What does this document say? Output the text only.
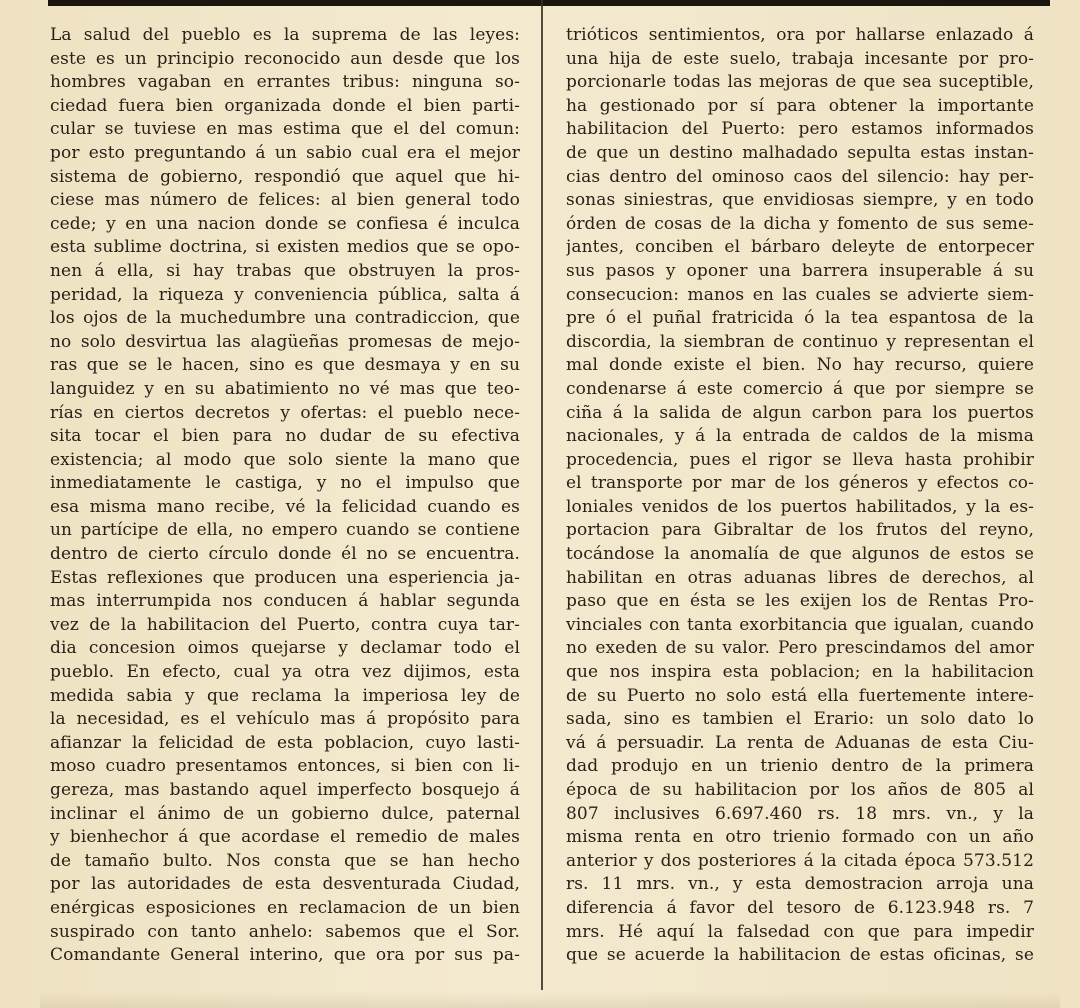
La salud del pueblo es la suprema de las leyes:
este es un principio reconocido aun desde que los
hombres vagaban en errantes tribus: ninguna so-
ciedad fuera bien organizada donde el bien parti-
cular se tuviese en mas estima que el del comun:
por esto preguntando á un sabio cual era el mejor
sistema de gobierno, respondió que aquel que hi-
ciese mas número de felices: al bien general todo
cede; y en una nacion donde se confiesa é inculca
esta sublime doctrina, si existen medios que se opo-
nen á ella, si hay trabas que obstruyen la pros-
peridad, la riqueza y conveniencia pública, salta á
los ojos de la muchedumbre una contradiccion, que
no solo desvirtua las alagüeñas promesas de mejo-
ras que se le hacen, sino es que desmaya y en su
languidez y en su abatimiento no vé mas que teo-
rías en ciertos decretos y ofertas: el pueblo nece-
sita tocar el bien para no dudar de su efectiva
existencia; al modo que solo siente la mano que
inmediatamente le castiga, y no el impulso que
esa misma mano recibe, vé la felicidad cuando es
un partícipe de ella, no empero cuando se contiene
dentro de cierto círculo donde él no se encuentra.
Estas reflexiones que producen una esperiencia ja-
mas interrumpida nos conducen á hablar segunda
vez de la habilitacion del Puerto, contra cuya tar-
dia concesion oimos quejarse y declamar todo el
pueblo. En efecto, cual ya otra vez dijimos, esta
medida sabia y que reclama la imperiosa ley de
la necesidad, es el vehículo mas á propósito para
afianzar la felicidad de esta poblacion, cuyo lasti-
moso cuadro presentamos entonces, si bien con li-
gereza, mas bastando aquel imperfecto bosquejo á
inclinar el ánimo de un gobierno dulce, paternal
y bienhechor á que acordase el remedio de males
de tamaño bulto. Nos consta que se han hecho
por las autoridades de esta desventurada Ciudad,
enérgicas esposiciones en reclamacion de un bien
suspirado con tanto anhelo: sabemos que el Sor.
Comandante General interino, que ora por sus pa-
trióticos sentimientos, ora por hallarse enlazado á
una hija de este suelo, trabaja incesante por pro-
porcionarle todas las mejoras de que sea suceptible,
ha gestionado por sí para obtener la importante
habilitacion del Puerto: pero estamos informados
de que un destino malhadado sepulta estas instan-
cias dentro del ominoso caos del silencio: hay per-
sonas siniestras, que envidiosas siempre, y en todo
órden de cosas de la dicha y fomento de sus seme-
jantes, conciben el bárbaro deleyte de entorpecer
sus pasos y oponer una barrera insuperable á su
consecucion: manos en las cuales se advierte siem-
pre ó el puñal fratricida ó la tea espantosa de la
discordia, la siembran de continuo y representan el
mal donde existe el bien. No hay recurso, quiere
condenarse á este comercio á que por siempre se
ciña á la salida de algun carbon para los puertos
nacionales, y á la entrada de caldos de la misma
procedencia, pues el rigor se lleva hasta prohibir
el transporte por mar de los géneros y efectos co-
loniales venidos de los puertos habilitados, y la es-
portacion para Gibraltar de los frutos del reyno,
tocándose la anomalía de que algunos de estos se
habilitan en otras aduanas libres de derechos, al
paso que en ésta se les exijen los de Rentas Pro-
vinciales con tanta exorbitancia que igualan, cuando
no exeden de su valor. Pero prescindamos del amor
que nos inspira esta poblacion; en la habilitacion
de su Puerto no solo está ella fuertemente intere-
sada, sino es tambien el Erario: un solo dato lo
vá á persuadir. La renta de Aduanas de esta Ciu-
dad produjo en un trienio dentro de la primera
época de su habilitacion por los años de 805 al
807 inclusives 6.697.460 rs. 18 mrs. vn., y la
misma renta en otro trienio formado con un año
anterior y dos posteriores á la citada época 573.512
rs. 11 mrs. vn., y esta demostracion arroja una
diferencia á favor del tesoro de 6.123.948 rs. 7
mrs. Hé aquí la falsedad con que para impedir
que se acuerde la habilitacion de estas oficinas, se
